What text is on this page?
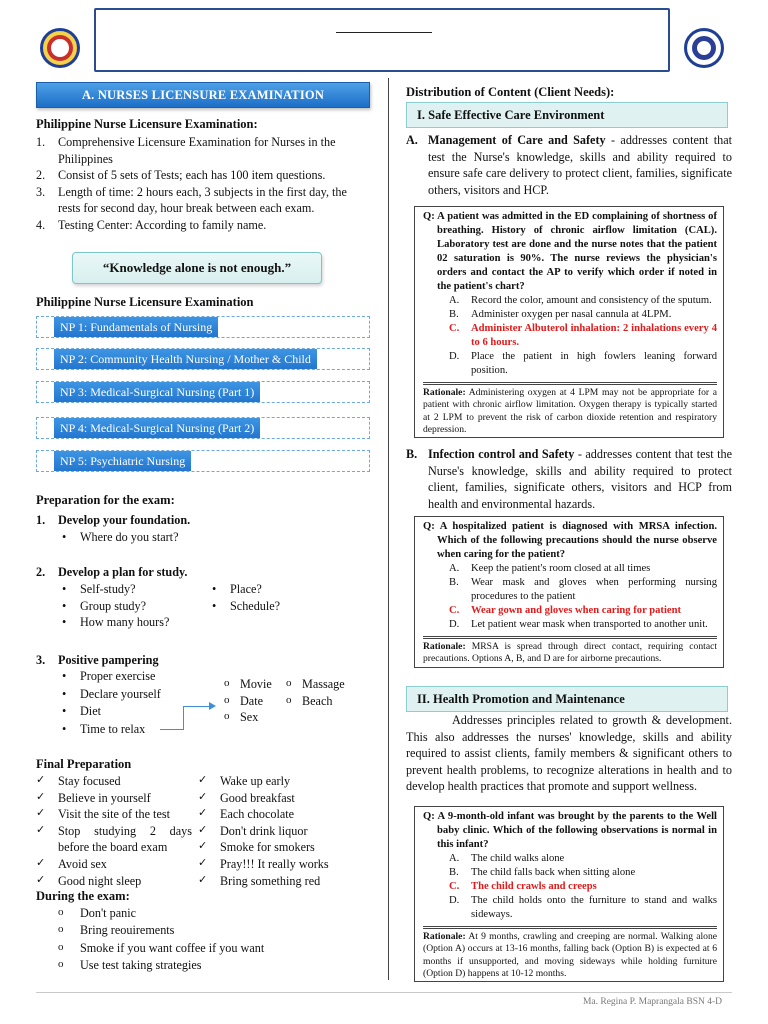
A. NURSES LICENSURE EXAMINATION
Philippine Nurse Licensure Examination:
1. Comprehensive Licensure Examination for Nurses in the Philippines
2. Consist of 5 sets of Tests; each has 100 item questions.
3. Length of time: 2 hours each, 3 subjects in the first day, the rests for second day, hour break between each exam.
4. Testing Center: According to family name.
“Knowledge alone is not enough.”
Philippine Nurse Licensure Examination
NP 1: Fundamentals of Nursing
NP 2: Community Health Nursing / Mother & Child
NP 3: Medical-Surgical Nursing (Part 1)
NP 4: Medical-Surgical Nursing (Part 2)
NP 5: Psychiatric Nursing
Preparation for the exam:
1. Develop your foundation.
• Where do you start?
2. Develop a plan for study.
• Self-study?
• Group study?
• How many hours?
• Place?
• Schedule?
3. Positive pampering
• Proper exercise
• Declare yourself
• Diet
• Time to relax
o Movie
o Date
o Sex
o Massage
o Beach
Final Preparation
✓ Stay focused
✓ Believe in yourself
✓ Visit the site of the test
✓ Stop studying 2 days before the board exam
✓ Avoid sex
✓ Good night sleep
✓ Wake up early
✓ Good breakfast
✓ Each chocolate
✓ Don't drink liquor
✓ Smoke for smokers
✓ Pray!!! It really works
✓ Bring something red
During the exam:
o Don't panic
o Bring reouirements
o Smoke if you want coffee if you want
o Use test taking strategies
Distribution of Content (Client Needs):
I. Safe Effective Care Environment
A. Management of Care and Safety - addresses content that test the Nurse's knowledge, skills and ability required to ensure safe care delivery to protect client, families, significate others, visitors and HCP.
Q: A patient was admitted in the ED complaining of shortness of breathing. History of chronic airflow limitation (CAL). Laboratory test are done and the nurse notes that the patient 02 saturation is 90%. The nurse reviews the physician's orders and contact the AP to verify which order if noted in the patient's chart?
A. Record the color, amount and consistency of the sputum.
B. Administer oxygen per nasal cannula at 4LPM.
C. Administer Albuterol inhalation: 2 inhalations every 4 to 6 hours.
D. Place the patient in high fowlers leaning forward position.
Rationale: Administering oxygen at 4 LPM may not be appropriate for a patient with chronic airflow limitation. Oxygen therapy is typically started at 2 LPM to prevent the risk of carbon dioxide retention and respiratory depression.
B. Infection control and Safety - addresses content that test the Nurse's knowledge, skills and ability required to protect client, families, significate others, visitors and HCP from health and environmental hazards.
Q: A hospitalized patient is diagnosed with MRSA infection. Which of the following precautions should the nurse observe when caring for the patient?
A. Keep the patient's room closed at all times
B. Wear mask and gloves when performing nursing procedures to the patient
C. Wear gown and gloves when caring for patient
D. Let patient wear mask when transported to another unit.
Rationale: MRSA is spread through direct contact, requiring contact precautions. Options A, B, and D are for airborne precautions.
II. Health Promotion and Maintenance
Addresses principles related to growth & development. This also addresses the nurses' knowledge, skills and ability required to assist clients, family members & significant others to prevent health problems, to recognize alterations in health and to develop health practices that promote and support wellness.
Q: A 9-month-old infant was brought by the parents to the Well baby clinic. Which of the following observations is normal in this infant?
A. The child walks alone
B. The child falls back when sitting alone
C. The child crawls and creeps
D. The child holds onto the furniture to stand and walks sideways.
Rationale: At 9 months, crawling and creeping are normal. Walking alone (Option A) occurs at 13-16 months, falling back (Option B) is expected at 6 months if unsupported, and moving sideways while holding furniture (Option D) happens at 10-12 months.
Ma. Regina P. Maprangala BSN 4-D
